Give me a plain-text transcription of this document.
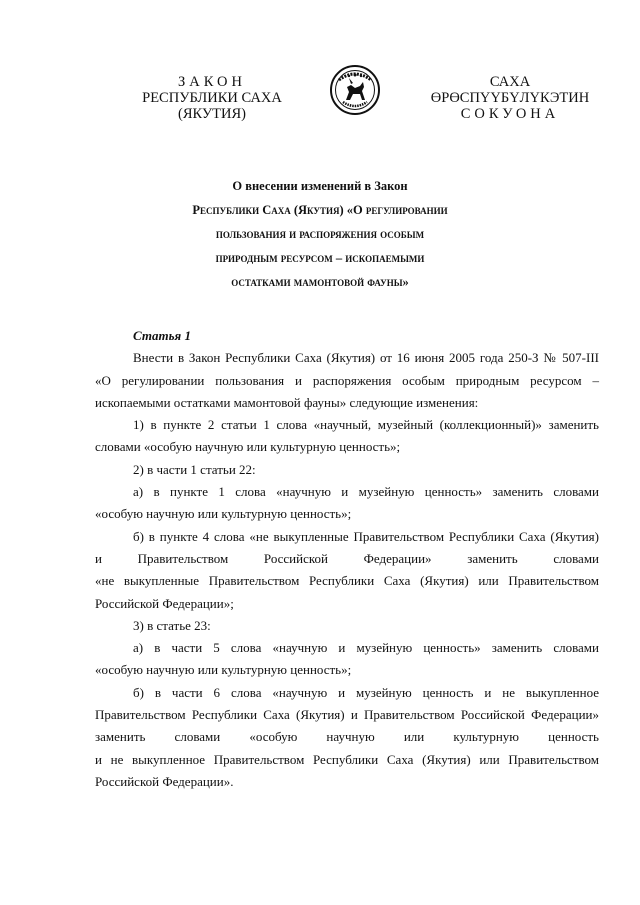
ЗАКОН
РЕСПУБЛИКИ САХА (ЯКУТИЯ)
САХА ӨРӨСПҮҮБҮЛҮКЭТИН
СОКУОНА
О внесении изменений в Закон
Республики Саха (Якутия) «О регулировании
пользования и распоряжения особым
природным ресурсом – ископаемыми
остатками мамонтовой фауны»

Статья 1

Внести в Закон Республики Саха (Якутия) от 16 июня 2005 года 250-З № 507-III
«О регулировании пользования и распоряжения особым природным ресурсом –
ископаемыми остатками мамонтовой фауны» следующие изменения:
1) в пункте 2 статьи 1 слова «научный, музейный (коллекционный)» заменить
словами «особую научную или культурную ценность»;
2) в части 1 статьи 22:
а) в пункте 1 слова «научную и музейную ценность» заменить словами
«особую научную или культурную ценность»;
б) в пункте 4 слова «не выкупленные Правительством Республики Саха (Якутия)
и Правительством Российской Федерации» заменить словами
«не выкупленные Правительством Республики Саха (Якутия) или Правительством
Российской Федерации»;
3) в статье 23:
а) в части 5 слова «научную и музейную ценность» заменить словами
«особую научную или культурную ценность»;
б) в части 6 слова «научную и музейную ценность и не выкупленное
Правительством Республики Саха (Якутия) и Правительством Российской Федерации»
заменить словами «особую научную или культурную ценность
и не выкупленное Правительством Республики Саха (Якутия) или Правительством
Российской Федерации».
